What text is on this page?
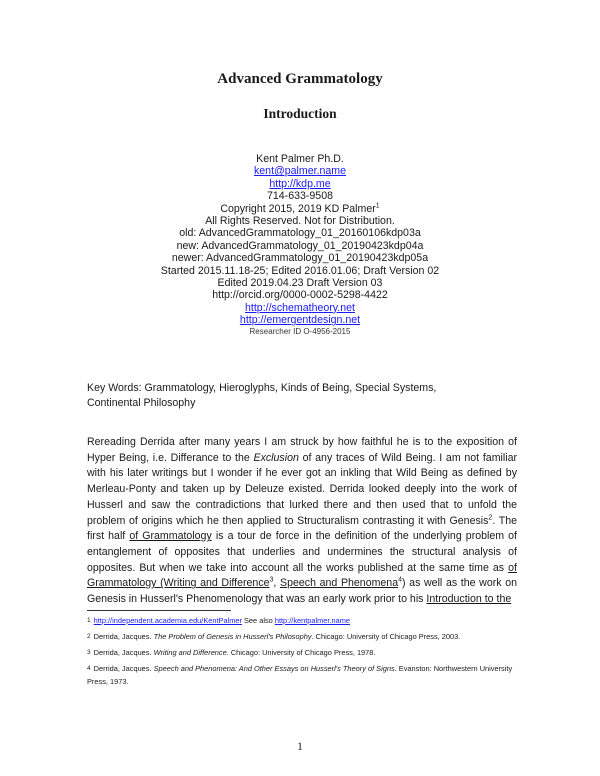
Advanced Grammatology
Introduction
Kent Palmer Ph.D.
kent@palmer.name
http://kdp.me
714-633-9508
Copyright 2015, 2019 KD Palmer$^1$
All Rights Reserved. Not for Distribution.
old: AdvancedGrammatology_01_20160106kdp03a
new: AdvancedGrammatology_01_20190423kdp04a
newer: AdvancedGrammatology_01_20190423kdp05a
Started 2015.11.18-25; Edited 2016.01.06; Draft Version 02
Edited 2019.04.23 Draft Version 03
http://orcid.org/0000-0002-5298-4422
http://schematheory.net
http://emergentdesign.net
Researcher ID O-4956-2015
Key Words: Grammatology, Hieroglyphs, Kinds of Being, Special Systems,
Continental Philosophy

Rereading Derrida after many years I am struck by how faithful he is to the exposition of Hyper Being, i.e. Differance to the Exclusion of any traces of Wild Being. I am not familiar with his later writings but I wonder if he ever got an inkling that Wild Being as defined by Merleau-Ponty and taken up by Deleuze existed. Derrida looked deeply into the work of Husserl and saw the contradictions that lurked there and then used that to unfold the problem of origins which he then applied to Structuralism contrasting it with Genesis$^2$. The first half of Grammatology is a tour de force in the definition of the underlying problem of entanglement of opposites that underlies and undermines the structural analysis of opposites. But when we take into account all the works published at the same time as of Grammatology (Writing and Difference$^3$, Speech and Phenomena$^4$) as well as the work on Genesis in Husserl's Phenomenology that was an early work prior to his Introduction to the

1 http://independent.academia.edu/KentPalmer See also http://kentpalmer.name
2 Derrida, Jacques. The Problem of Genesis in Husserl's Philosophy. Chicago: University of Chicago Press, 2003.
3 Derrida, Jacques. Writing and Difference. Chicago: University of Chicago Press, 1978.
4 Derrida, Jacques. Speech and Phenomena: And Other Essays on Husserl's Theory of Signs. Evanston: Northwestern University Press, 1973.
1
